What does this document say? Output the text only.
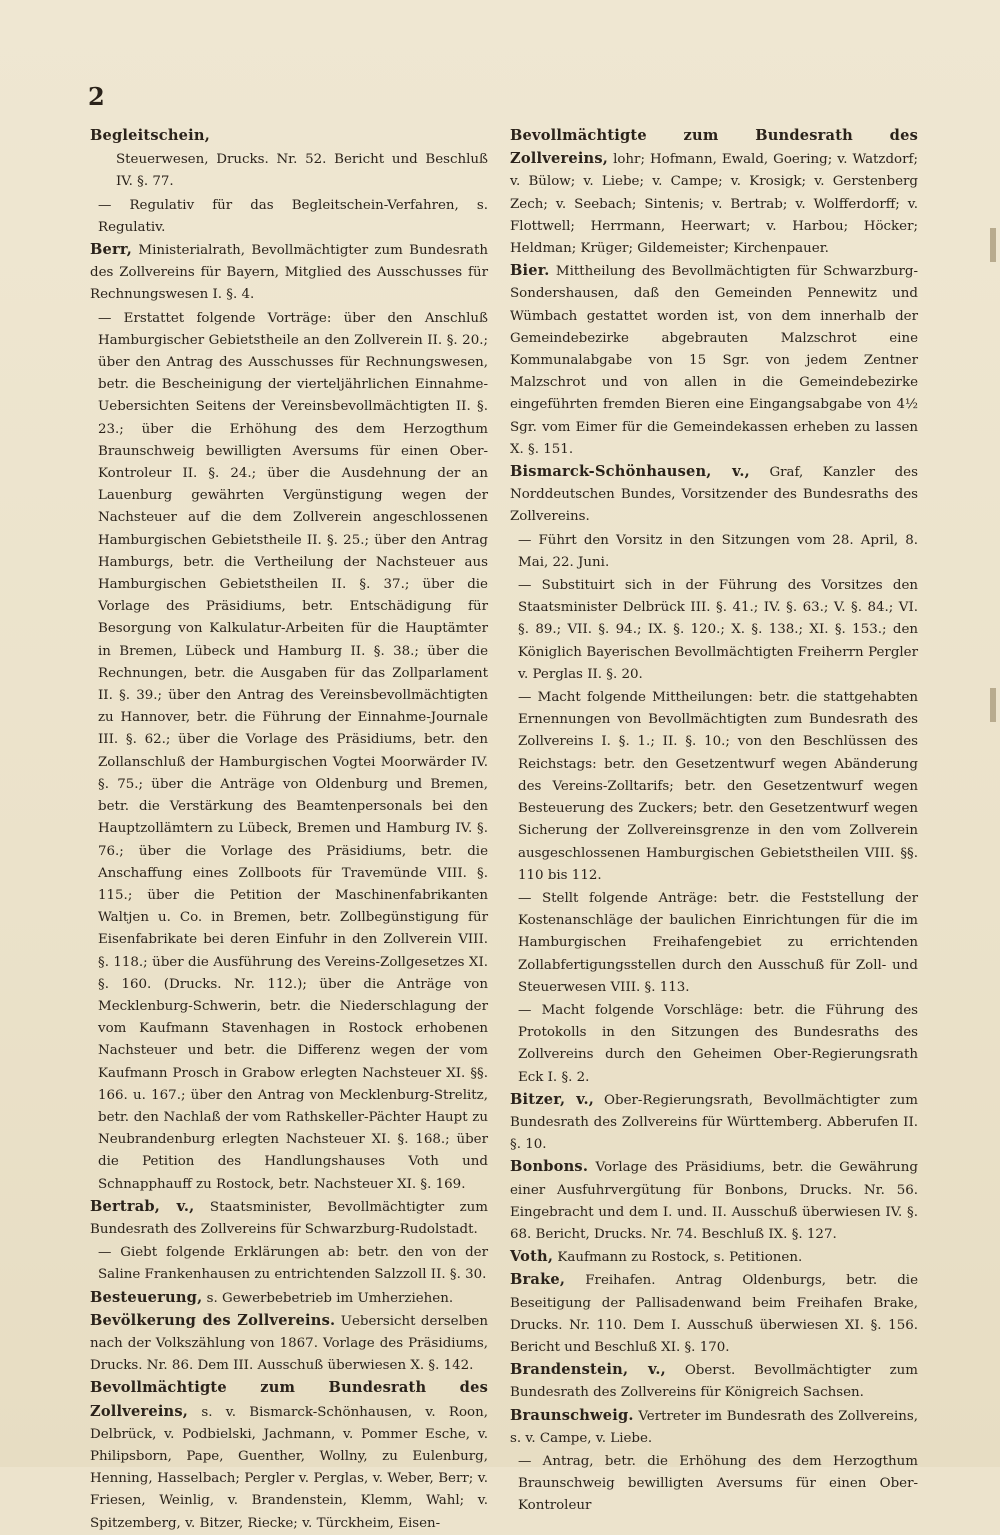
2

Begleitschein,

Steuerwesen, Drucks. Nr. 52. Bericht und Beschluß IV. §. 77.

— Regulativ für das Begleitschein-Verfahren, s. Regulativ.

Berr, Ministerialrath, Bevollmächtigter zum Bundesrath des Zollvereins für Bayern, Mitglied des Ausschusses für Rechnungswesen I. §. 4.

— Erstattet folgende Vorträge: über den Anschluß Hamburgischer Gebietstheile an den Zollverein II. §. 20.; über den Antrag des Ausschusses für Rechnungswesen, betr. die Bescheinigung der vierteljährlichen Einnahme-Uebersichten Seitens der Vereinsbevollmächtigten II. §. 23.; über die Erhöhung des dem Herzogthum Braunschweig bewilligten Aversums für einen Ober-Kontroleur II. §. 24.; über die Ausdehnung der an Lauenburg gewährten Vergünstigung wegen der Nachsteuer auf die dem Zollverein angeschlossenen Hamburgischen Gebietstheile II. §. 25.; über den Antrag Hamburgs, betr. die Vertheilung der Nachsteuer aus Hamburgischen Gebietstheilen II. §. 37.; über die Vorlage des Präsidiums, betr. Entschädigung für Besorgung von Kalkulatur-Arbeiten für die Hauptämter in Bremen, Lübeck und Hamburg II. §. 38.; über die Rechnungen, betr. die Ausgaben für das Zollparlament II. §. 39.; über den Antrag des Vereinsbevollmächtigten zu Hannover, betr. die Führung der Einnahme-Journale III. §. 62.; über die Vorlage des Präsidiums, betr. den Zollanschluß der Hamburgischen Vogtei Moorwärder IV. §. 75.; über die Anträge von Oldenburg und Bremen, betr. die Verstärkung des Beamtenpersonals bei den Hauptzollämtern zu Lübeck, Bremen und Hamburg IV. §. 76.; über die Vorlage des Präsidiums, betr. die Anschaffung eines Zollboots für Travemünde VIII. §. 115.; über die Petition der Maschinenfabrikanten Waltjen u. Co. in Bremen, betr. Zollbegünstigung für Eisenfabrikate bei deren Einfuhr in den Zollverein VIII. §. 118.; über die Ausführung des Vereins-Zollgesetzes XI. §. 160. (Drucks. Nr. 112.); über die Anträge von Mecklenburg-Schwerin, betr. die Niederschlagung der vom Kaufmann Stavenhagen in Rostock erhobenen Nachsteuer und betr. die Differenz wegen der vom Kaufmann Prosch in Grabow erlegten Nachsteuer XI. §§. 166. u. 167.; über den Antrag von Mecklenburg-Strelitz, betr. den Nachlaß der vom Rathskeller-Pächter Haupt zu Neubrandenburg erlegten Nachsteuer XI. §. 168.; über die Petition des Handlungshauses Voth und Schnapphauff zu Rostock, betr. Nachsteuer XI. §. 169.

Bertrab, v., Staatsminister, Bevollmächtigter zum Bundesrath des Zollvereins für Schwarzburg-Rudolstadt.

— Giebt folgende Erklärungen ab: betr. den von der Saline Frankenhausen zu entrichtenden Salzzoll II. §. 30.

Besteuerung, s. Gewerbebetrieb im Umherziehen.

Bevölkerung des Zollvereins. Uebersicht derselben nach der Volkszählung von 1867. Vorlage des Präsidiums, Drucks. Nr. 86. Dem III. Ausschuß überwiesen X. §. 142.

Bevollmächtigte zum Bundesrath des Zollvereins, s. v. Bismarck-Schönhausen, v. Roon, Delbrück, v. Podbielski, Jachmann, v. Pommer Esche, v. Philipsborn, Pape, Guenther, Wollny, zu Eulenburg, Henning, Hasselbach; Pergler v. Perglas, v. Weber, Berr; v. Friesen, Weinlig, v. Brandenstein, Klemm, Wahl; v. Spitzemberg, v. Bitzer, Riecke; v. Türckheim, Eisen-

Bevollmächtigte zum Bundesrath des Zollvereins, lohr; Hofmann, Ewald, Goering; v. Watzdorf; v. Bülow; v. Liebe; v. Campe; v. Krosigk; v. Gerstenberg Zech; v. Seebach; Sintenis; v. Bertrab; v. Wolfferdorff; v. Flottwell; Herrmann, Heerwart; v. Harbou; Höcker; Heldman; Krüger; Gildemeister; Kirchenpauer.

Bier. Mittheilung des Bevollmächtigten für Schwarzburg-Sondershausen, daß den Gemeinden Pennewitz und Wümbach gestattet worden ist, von dem innerhalb der Gemeindebezirke abgebrauten Malzschrot eine Kommunalabgabe von 15 Sgr. von jedem Zentner Malzschrot und von allen in die Gemeindebezirke eingeführten fremden Bieren eine Eingangsabgabe von 4½ Sgr. vom Eimer für die Gemeindekassen erheben zu lassen X. §. 151.

Bismarck-Schönhausen, v., Graf, Kanzler des Norddeutschen Bundes, Vorsitzender des Bundesraths des Zollvereins.

— Führt den Vorsitz in den Sitzungen vom 28. April, 8. Mai, 22. Juni.

— Substituirt sich in der Führung des Vorsitzes den Staatsminister Delbrück III. §. 41.; IV. §. 63.; V. §. 84.; VI. §. 89.; VII. §. 94.; IX. §. 120.; X. §. 138.; XI. §. 153.; den Königlich Bayerischen Bevollmächtigten Freiherrn Pergler v. Perglas II. §. 20.

— Macht folgende Mittheilungen: betr. die stattgehabten Ernennungen von Bevollmächtigten zum Bundesrath des Zollvereins I. §. 1.; II. §. 10.; von den Beschlüssen des Reichstags: betr. den Gesetzentwurf wegen Abänderung des Vereins-Zolltarifs; betr. den Gesetzentwurf wegen Besteuerung des Zuckers; betr. den Gesetzentwurf wegen Sicherung der Zollvereinsgrenze in den vom Zollverein ausgeschlossenen Hamburgischen Gebietstheilen VIII. §§. 110 bis 112.

— Stellt folgende Anträge: betr. die Feststellung der Kostenanschläge der baulichen Einrichtungen für die im Hamburgischen Freihafengebiet zu errichtenden Zollabfertigungsstellen durch den Ausschuß für Zoll- und Steuerwesen VIII. §. 113.

— Macht folgende Vorschläge: betr. die Führung des Protokolls in den Sitzungen des Bundesraths des Zollvereins durch den Geheimen Ober-Regierungsrath Eck I. §. 2.

Bitzer, v., Ober-Regierungsrath, Bevollmächtigter zum Bundesrath des Zollvereins für Württemberg. Abberufen II. §. 10.

Bonbons. Vorlage des Präsidiums, betr. die Gewährung einer Ausfuhrvergütung für Bonbons, Drucks. Nr. 56. Eingebracht und dem I. und. II. Ausschuß überwiesen IV. §. 68. Bericht, Drucks. Nr. 74. Beschluß IX. §. 127.

Voth, Kaufmann zu Rostock, s. Petitionen.

Brake, Freihafen. Antrag Oldenburgs, betr. die Beseitigung der Pallisadenwand beim Freihafen Brake, Drucks. Nr. 110. Dem I. Ausschuß überwiesen XI. §. 156. Bericht und Beschluß XI. §. 170.

Brandenstein, v., Oberst. Bevollmächtigter zum Bundesrath des Zollvereins für Königreich Sachsen.

Braunschweig. Vertreter im Bundesrath des Zollvereins, s. v. Campe, v. Liebe.

— Antrag, betr. die Erhöhung des dem Herzogthum Braunschweig bewilligten Aversums für einen Ober-Kontroleur
